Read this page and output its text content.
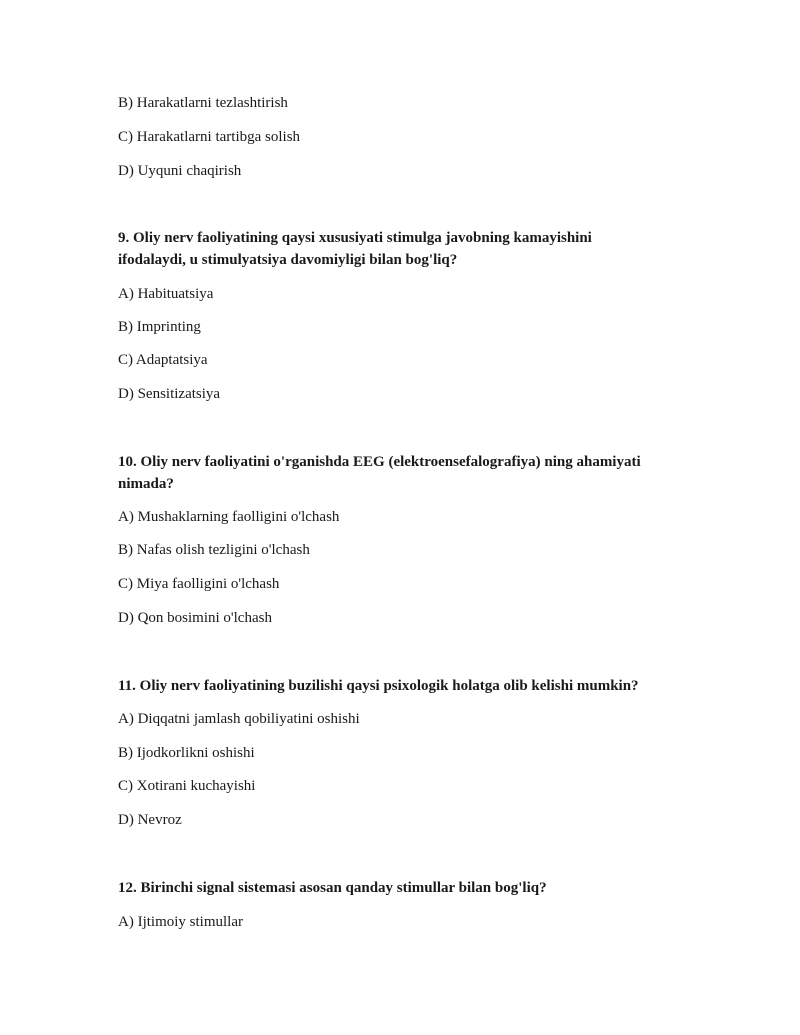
B) Harakatlarni tezlashtirish
C) Harakatlarni tartibga solish
D) Uyquni chaqirish
9. Oliy nerv faoliyatining qaysi xususiyati stimulga javobning kamayishini
ifodalaydi, u stimulyatsiya davomiyligi bilan bog'liq?
A) Habituatsiya
B) Imprinting
C) Adaptatsiya
D) Sensitizatsiya
10. Oliy nerv faoliyatini o'rganishda EEG (elektroensefalografiya) ning ahamiyati
nimada?
A) Mushaklarning faolligini o'lchash
B) Nafas olish tezligini o'lchash
C) Miya faolligini o'lchash
D) Qon bosimini o'lchash
11. Oliy nerv faoliyatining buzilishi qaysi psixologik holatga olib kelishi mumkin?
A) Diqqatni jamlash qobiliyatini oshishi
B) Ijodkorlikni oshishi
C) Xotirani kuchayishi
D) Nevroz
12. Birinchi signal sistemasi asosan qanday stimullar bilan bog'liq?
A) Ijtimoiy stimullar
